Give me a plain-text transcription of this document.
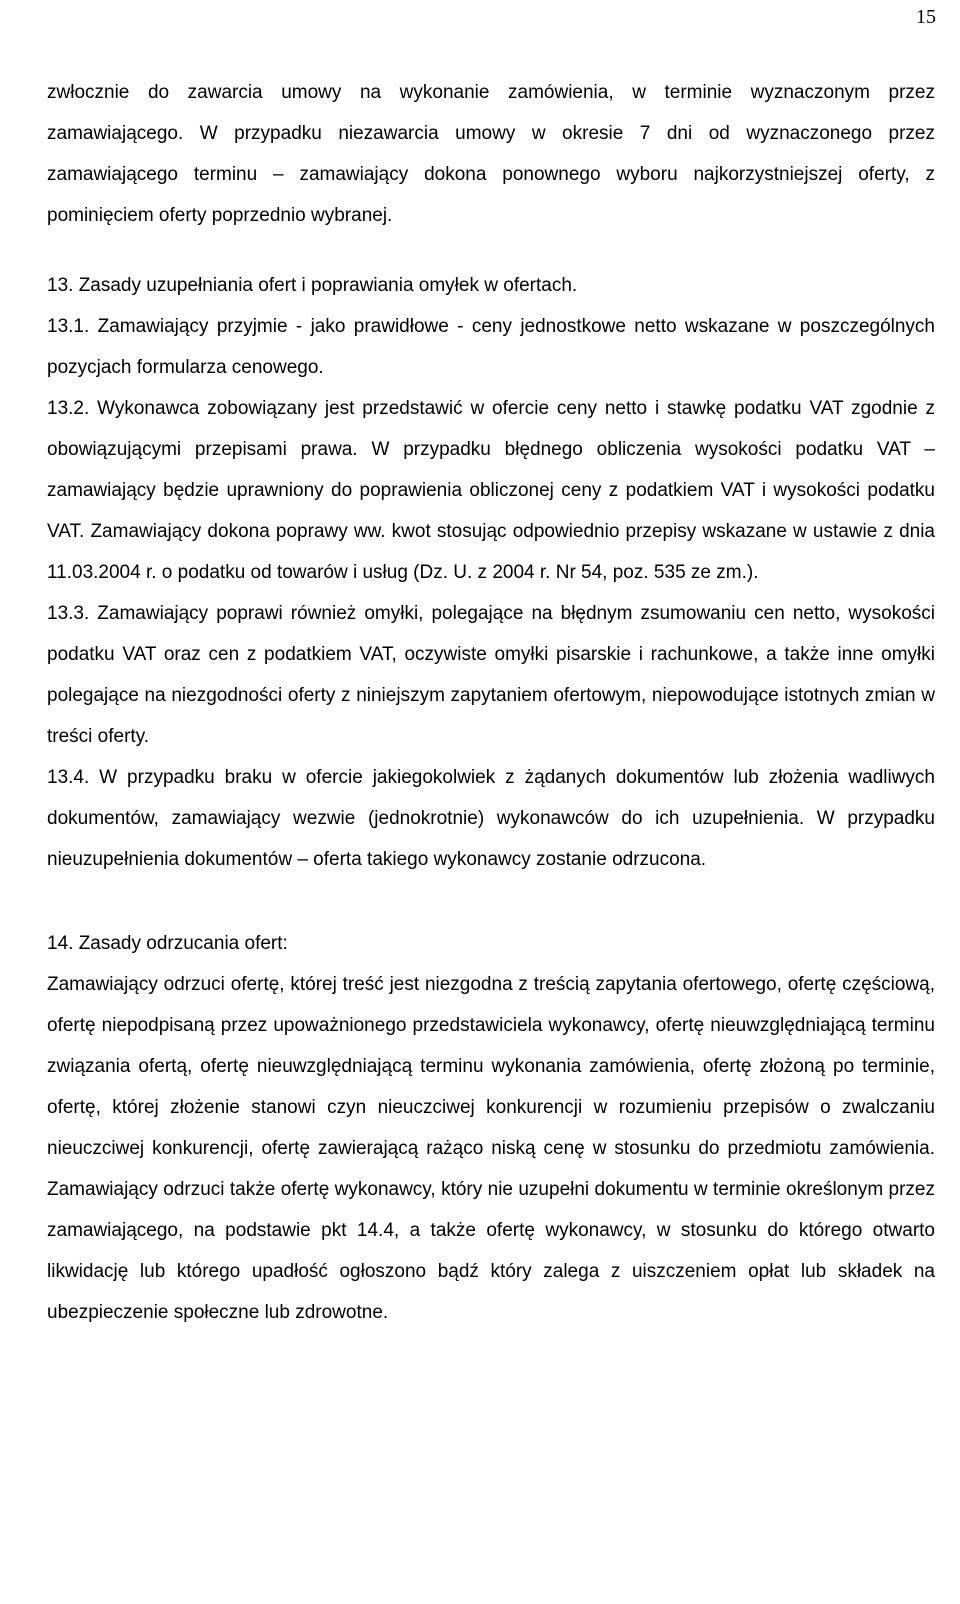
15

zwłocznie do zawarcia umowy na wykonanie zamówienia, w terminie wyznaczonym przez zamawiającego. W przypadku niezawarcia umowy w okresie 7 dni od wyznaczonego przez zamawiającego terminu – zamawiający dokona ponownego wyboru najkorzystniejszej oferty, z pominięciem oferty poprzednio wybranej.

13. Zasady uzupełniania ofert i poprawiania omyłek w ofertach.

13.1. Zamawiający przyjmie - jako prawidłowe - ceny jednostkowe netto wskazane w poszczególnych pozycjach formularza cenowego.

13.2. Wykonawca zobowiązany jest przedstawić w ofercie ceny netto i stawkę podatku VAT zgodnie z obowiązującymi przepisami prawa. W przypadku błędnego obliczenia wysokości podatku VAT – zamawiający będzie uprawniony do poprawienia obliczonej ceny z podatkiem VAT i wysokości podatku VAT. Zamawiający dokona poprawy ww. kwot stosując odpowiednio przepisy wskazane w ustawie z dnia 11.03.2004 r. o podatku od towarów i usług (Dz. U. z 2004 r. Nr 54, poz. 535 ze zm.).

13.3. Zamawiający poprawi również omyłki, polegające na błędnym zsumowaniu cen netto, wysokości podatku VAT oraz cen z podatkiem VAT, oczywiste omyłki pisarskie i rachunkowe, a także inne omyłki polegające na niezgodności oferty z niniejszym zapytaniem ofertowym, niepowodujące istotnych zmian w treści oferty.

13.4. W przypadku braku w ofercie jakiegokolwiek z żądanych dokumentów lub złożenia wadliwych dokumentów, zamawiający wezwie (jednokrotnie) wykonawców do ich uzupełnienia. W przypadku nieuzupełnienia dokumentów – oferta takiego wykonawcy zostanie odrzucona.

14. Zasady odrzucania ofert:

Zamawiający odrzuci ofertę, której treść jest niezgodna z treścią zapytania ofertowego, ofertę częściową, ofertę niepodpisaną przez upoważnionego przedstawiciela wykonawcy, ofertę nieuwzględniającą terminu związania ofertą, ofertę nieuwzględniającą terminu wykonania zamówienia, ofertę złożoną po terminie, ofertę, której złożenie stanowi czyn nieuczciwej konkurencji w rozumieniu przepisów o zwalczaniu nieuczciwej konkurencji, ofertę zawierającą rażąco niską cenę w stosunku do przedmiotu zamówienia. Zamawiający odrzuci także ofertę wykonawcy, który nie uzupełni dokumentu w terminie określonym przez zamawiającego, na podstawie pkt 14.4, a także ofertę wykonawcy, w stosunku do którego otwarto likwidację lub którego upadłość ogłoszono bądź który zalega z uiszczeniem opłat lub składek na ubezpieczenie społeczne lub zdrowotne.
